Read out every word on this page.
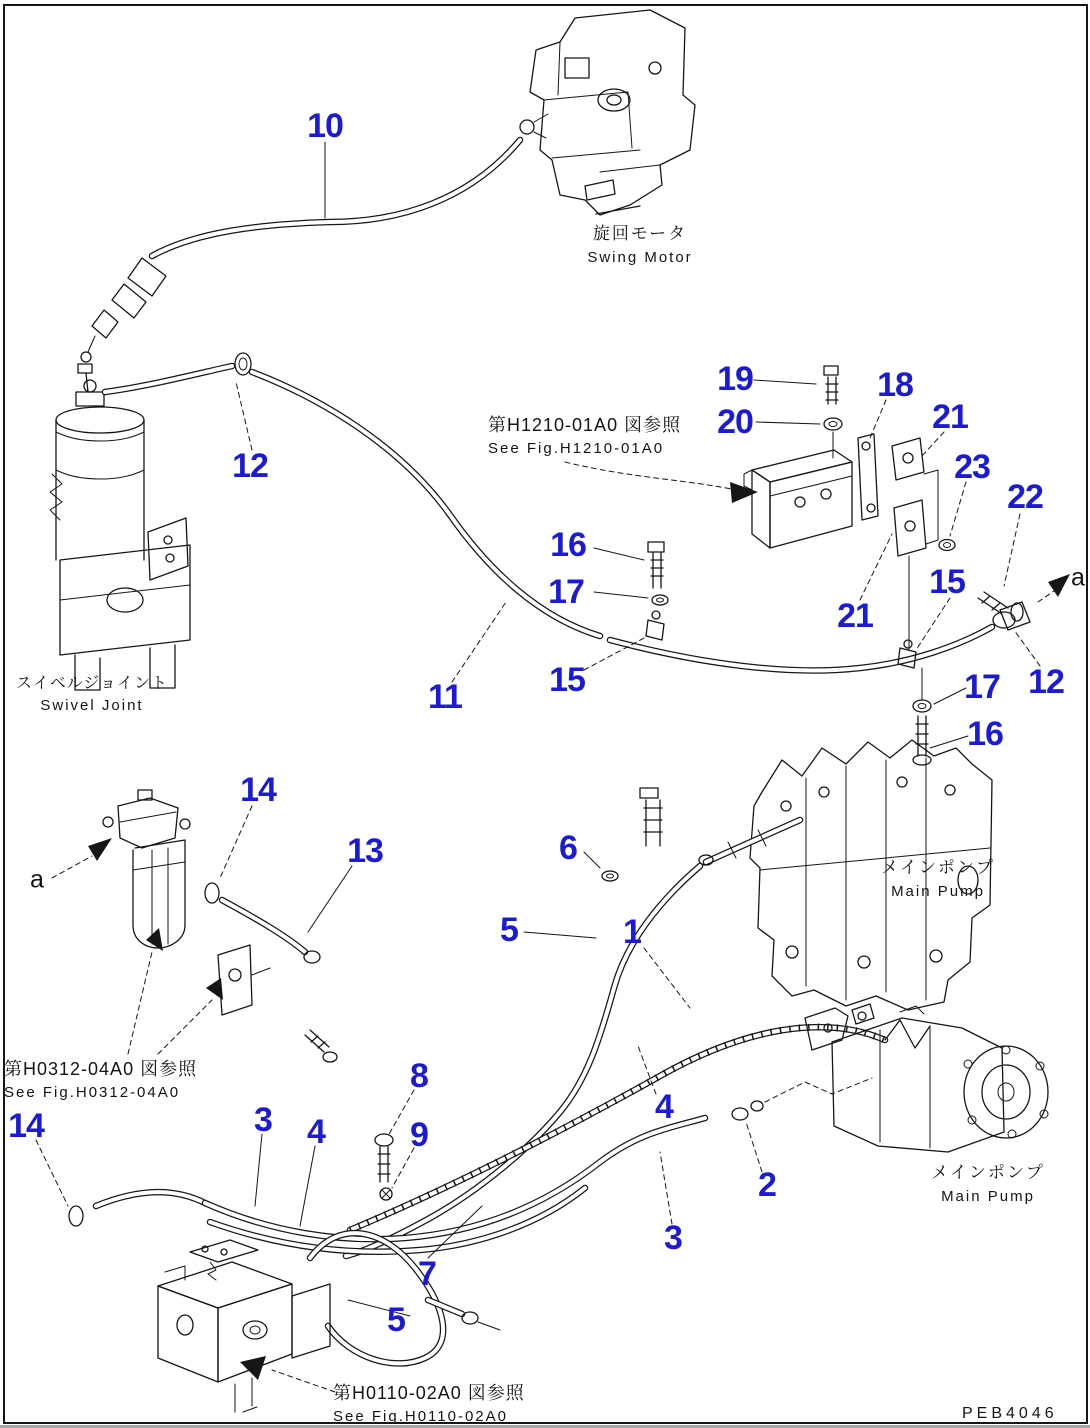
10
12
19
20
18
21
23
22
16
17
21
15
17 12
16
11	15
14
13	6
5	1
14	3 4
8
9
4
2
3
7
5
旋回モータ
Swing Motor
スイベルジョイント
Swivel Joint
メインポンプ
Main Pump
メインポンプ
Main Pump
第H1210-01A0 図参照
See Fig.H1210-01A0
第H0312-04A0 図参照
See Fig.H0312-04A0
第H0110-02A0 図参照
See Fig.H0110-02A0
a
a
PEB4046
